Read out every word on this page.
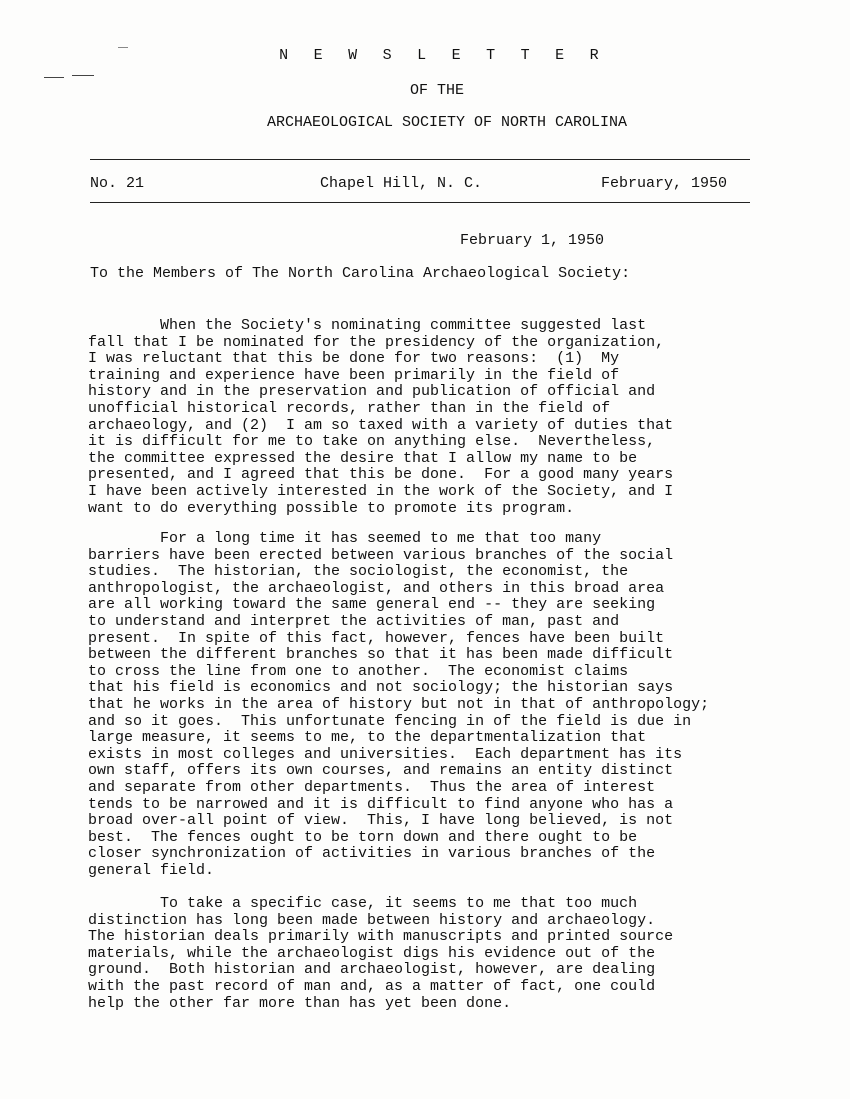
N E W S L E T T E R
OF THE
ARCHAEOLOGICAL SOCIETY OF NORTH CAROLINA
No. 21	Chapel Hill, N. C.	February, 1950
February 1, 1950
To the Members of The North Carolina Archaeological Society:
When the Society's nominating committee suggested last
fall that I be nominated for the presidency of the organization,
I was reluctant that this be done for two reasons:  (1)  My
training and experience have been primarily in the field of
history and in the preservation and publication of official and
unofficial historical records, rather than in the field of
archaeology, and (2)  I am so taxed with a variety of duties that
it is difficult for me to take on anything else.  Nevertheless,
the committee expressed the desire that I allow my name to be
presented, and I agreed that this be done.  For a good many years
I have been actively interested in the work of the Society, and I
want to do everything possible to promote its program.
For a long time it has seemed to me that too many
barriers have been erected between various branches of the social
studies.  The historian, the sociologist, the economist, the
anthropologist, the archaeologist, and others in this broad area
are all working toward the same general end -- they are seeking
to understand and interpret the activities of man, past and
present.  In spite of this fact, however, fences have been built
between the different branches so that it has been made difficult
to cross the line from one to another.  The economist claims
that his field is economics and not sociology; the historian says
that he works in the area of history but not in that of anthropology;
and so it goes.  This unfortunate fencing in of the field is due in
large measure, it seems to me, to the departmentalization that
exists in most colleges and universities.  Each department has its
own staff, offers its own courses, and remains an entity distinct
and separate from other departments.  Thus the area of interest
tends to be narrowed and it is difficult to find anyone who has a
broad over-all point of view.  This, I have long believed, is not
best.  The fences ought to be torn down and there ought to be
closer synchronization of activities in various branches of the
general field.
To take a specific case, it seems to me that too much
distinction has long been made between history and archaeology.
The historian deals primarily with manuscripts and printed source
materials, while the archaeologist digs his evidence out of the
ground.  Both historian and archaeologist, however, are dealing
with the past record of man and, as a matter of fact, one could
help the other far more than has yet been done.
